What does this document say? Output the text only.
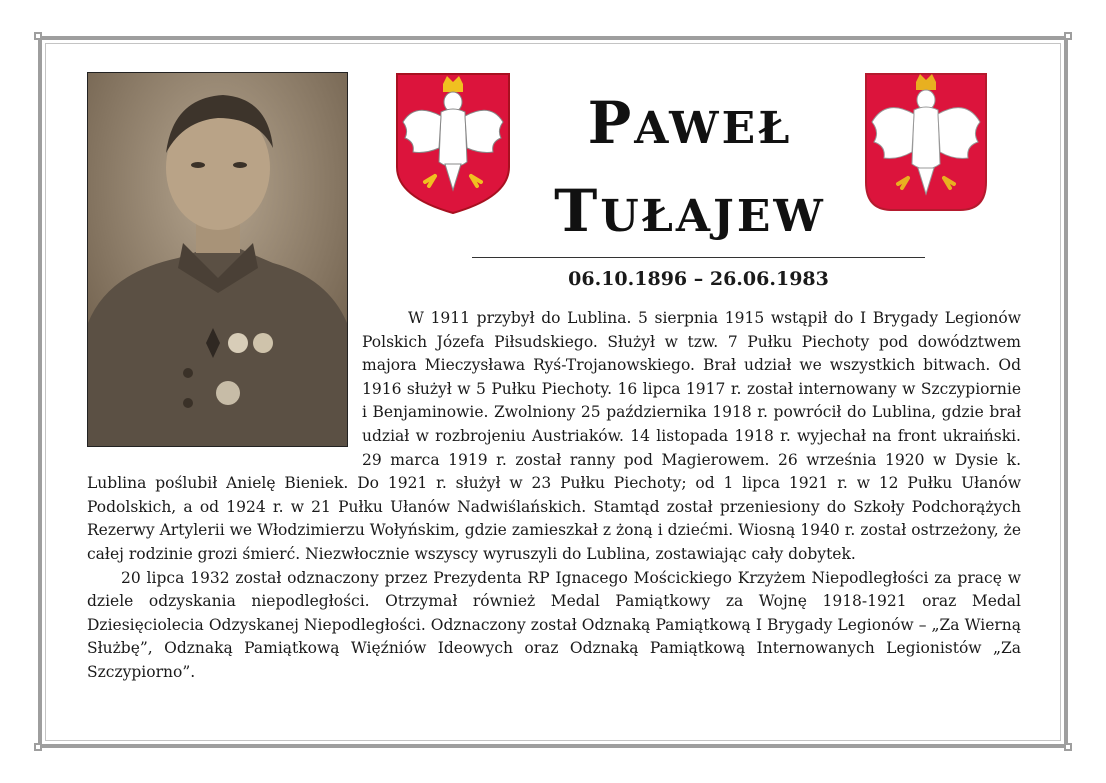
PAWEŁ
TUŁAJEW
06.10.1896 – 26.06.1983

W 1911 przybył do Lublina. 5 sierpnia 1915 wstąpił do I Brygady Legionów Polskich Józefa Piłsudskiego. Służył w tzw. 7 Pułku Piechoty pod dowództwem majora Mieczysława Ryś-Trojanowskiego. Brał udział we wszystkich bitwach. Od 1916 służył w 5 Pułku Piechoty. 16 lipca 1917 r. został internowany w Szczypiornie i Benjaminowie. Zwolniony 25 października 1918 r. powrócił do Lublina, gdzie brał udział w rozbrojeniu Austriaków. 14 listopada 1918 r. wyjechał na front ukraiński. 29 marca 1919 r. został ranny pod Magierowem. 26 września 1920 w Dysie k. Lublina poślubił Anielę Bieniek. Do 1921 r. służył w 23 Pułku Piechoty; od 1 lipca 1921 r. w 12 Pułku Ułanów Podolskich, a od 1924 r. w 21 Pułku Ułanów Nadwiślańskich. Stamtąd został przeniesiony do Szkoły Podchorążych Rezerwy Artylerii we Włodzimierzu Wołyńskim, gdzie zamieszkał z żoną i dziećmi. Wiosną 1940 r. został ostrzeżony, że całej rodzinie grozi śmierć. Niezwłocznie wszyscy wyruszyli do Lublina, zostawiając cały dobytek.

20 lipca 1932 został odznaczony przez Prezydenta RP Ignacego Mościckiego Krzyżem Niepodległości za pracę w dziele odzyskania niepodległości. Otrzymał również Medal Pamiątkowy za Wojnę 1918-1921 oraz Medal Dziesięciolecia Odzyskanej Niepodległości. Odznaczony został Odznaką Pamiątkową I Brygady Legionów – „Za Wierną Służbę”, Odznaką Pamiątkową Więźniów Ideowych oraz Odznaką Pamiątkową Internowanych Legionistów „Za Szczypiorno”.
